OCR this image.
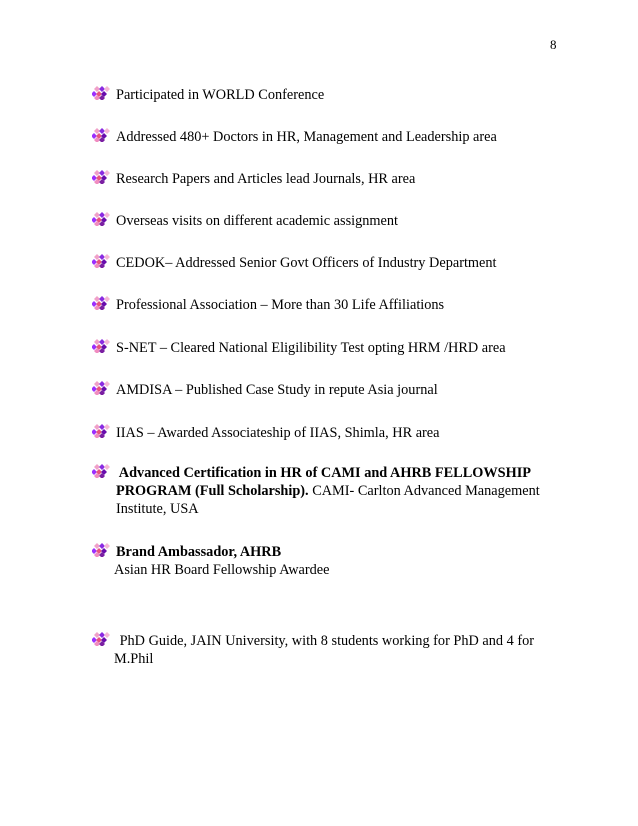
8
Participated in WORLD Conference
Addressed 480+ Doctors in HR, Management and Leadership area
Research Papers and Articles lead Journals, HR area
Overseas visits on different academic assignment
CEDOK– Addressed Senior Govt Officers of Industry Department
Professional Association – More than 30 Life Affiliations
S-NET – Cleared National Eligilibility Test opting HRM /HRD area
AMDISA – Published Case Study in repute Asia journal
IIAS – Awarded Associateship of IIAS, Shimla, HR area
Advanced Certification in HR of CAMI and AHRB FELLOWSHIP
PROGRAM (Full Scholarship). CAMI- Carlton Advanced Management
Institute, USA
Brand Ambassador, AHRB
Asian HR Board Fellowship Awardee
PhD Guide, JAIN University, with 8 students working for PhD and 4 for
M.Phil
